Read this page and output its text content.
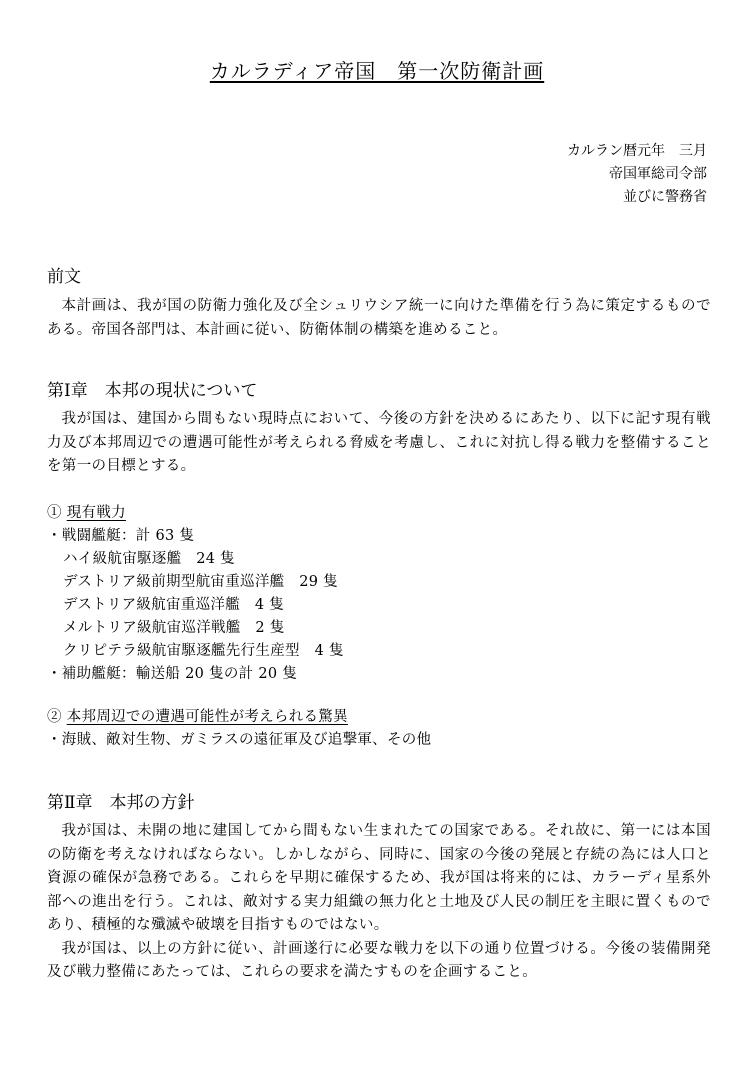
カルラディア帝国　第一次防衛計画
カルラン暦元年　三月
帝国軍総司令部
並びに警務省
前文

本計画は、我が国の防衛力強化及び全シュリウシア統一に向けた準備を行う為に策定するものである。帝国各部門は、本計画に従い、防衛体制の構築を進めること。

第Ⅰ章　本邦の現状について

我が国は、建国から間もない現時点において、今後の方針を決めるにあたり、以下に記す現有戦力及び本邦周辺での遭遇可能性が考えられる脅威を考慮し、これに対抗し得る戦力を整備することを第一の目標とする。

① 現有戦力
・戦闘艦艇：計 63 隻
ハイ級航宙駆逐艦　24 隻
デストリア級前期型航宙重巡洋艦　29 隻
デストリア級航宙重巡洋艦　4 隻
メルトリア級航宙巡洋戦艦　2 隻
クリピテラ級航宙駆逐艦先行生産型　4 隻
・補助艦艇：輸送船 20 隻の計 20 隻
② 本邦周辺での遭遇可能性が考えられる驚異
・海賊、敵対生物、ガミラスの遠征軍及び追撃軍、その他
第Ⅱ章　本邦の方針

我が国は、未開の地に建国してから間もない生まれたての国家である。それ故に、第一には本国の防衛を考えなければならない。しかしながら、同時に、国家の今後の発展と存続の為には人口と資源の確保が急務である。これらを早期に確保するため、我が国は将来的には、カラーディ星系外部への進出を行う。これは、敵対する実力組織の無力化と土地及び人民の制圧を主眼に置くものであり、積極的な殲滅や破壊を目指すものではない。

我が国は、以上の方針に従い、計画遂行に必要な戦力を以下の通り位置づける。今後の装備開発及び戦力整備にあたっては、これらの要求を満たすものを企画すること。
